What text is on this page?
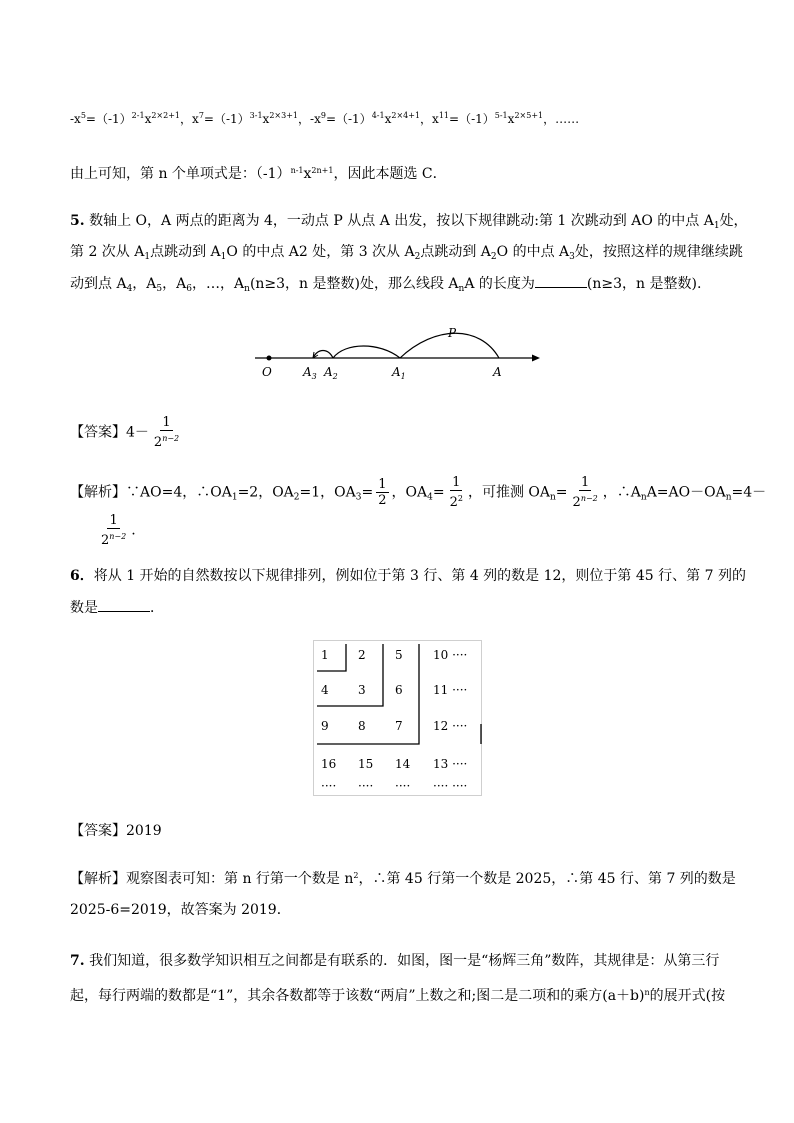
$-x^5=(-1)^{2-1}x^{2\times 2+1}$，$x^7=(-1)^{3-1}x^{2\times 3+1}$，$-x^9=(-1)^{4-1}x^{2\times 4+1}$，$x^{11}=(-1)^{5-1}x^{2\times 5+1}$，……
由上可知，第 n 个单项式是：$(-1)^{n-1}x^{2n+1}$，因此本题选 C．
5. 数轴上 O，A 两点的距离为 4，一动点 P 从点 A 出发，按以下规律跳动:第 1 次跳动到 AO 的中点 $A_1$处，
第 2 次从 $A_1$点跳动到 $A_1O$ 的中点 A2 处，第 3 次从 $A_2$点跳动到 $A_2O$ 的中点 $A_3$处，按照这样的规律继续跳
动到点 $A_4$，$A_5$，$A_6$，…，$A_n(n\ge 3$，n 是整数)处，那么线段 $A_nA$ 的长度为	(n≥3，n 是整数).
P
O	$A_3$ $A_2$	$A_1$	A
【答案】$4- \frac{1}{2^{n-2}}$
【解析】∵AO=4，$\therefore OA_1=2$，$OA_2=1$，$OA_3= \frac{1}{2}$ ，$OA_4= \frac{1}{2^2}$ ，可推测 $OA_n= \frac{1}{2^{n-2}}$ ，$\therefore A_nA=AO-OA_n=4-$
$\frac{1}{2^{n-2}}$ .
6．将从 1 开始的自然数按以下规律排列，例如位于第 3 行、第 4 列的数是 12，则位于第 45 行、第 7 列的
数是	．
1 2 5	10 ····
4 3 6	11 ····
9 8 7	12 ····
16 15 14 13 ····
···· ···· ···· ···· ····
【答案】2019
【解析】观察图表可知：第 n 行第一个数是 $n^2$，∴第 45 行第一个数是 2025，∴第 45 行、第 7 列的数是
2025-6=2019，故答案为 2019．
7. 我们知道，很多数学知识相互之间都是有联系的．如图，图一是“杨辉三角”数阵，其规律是：从第三行
起，每行两端的数都是“1”，其余各数都等于该数“两肩”上数之和;图二是二项和的乘方$(a+b)^n$的展开式(按
